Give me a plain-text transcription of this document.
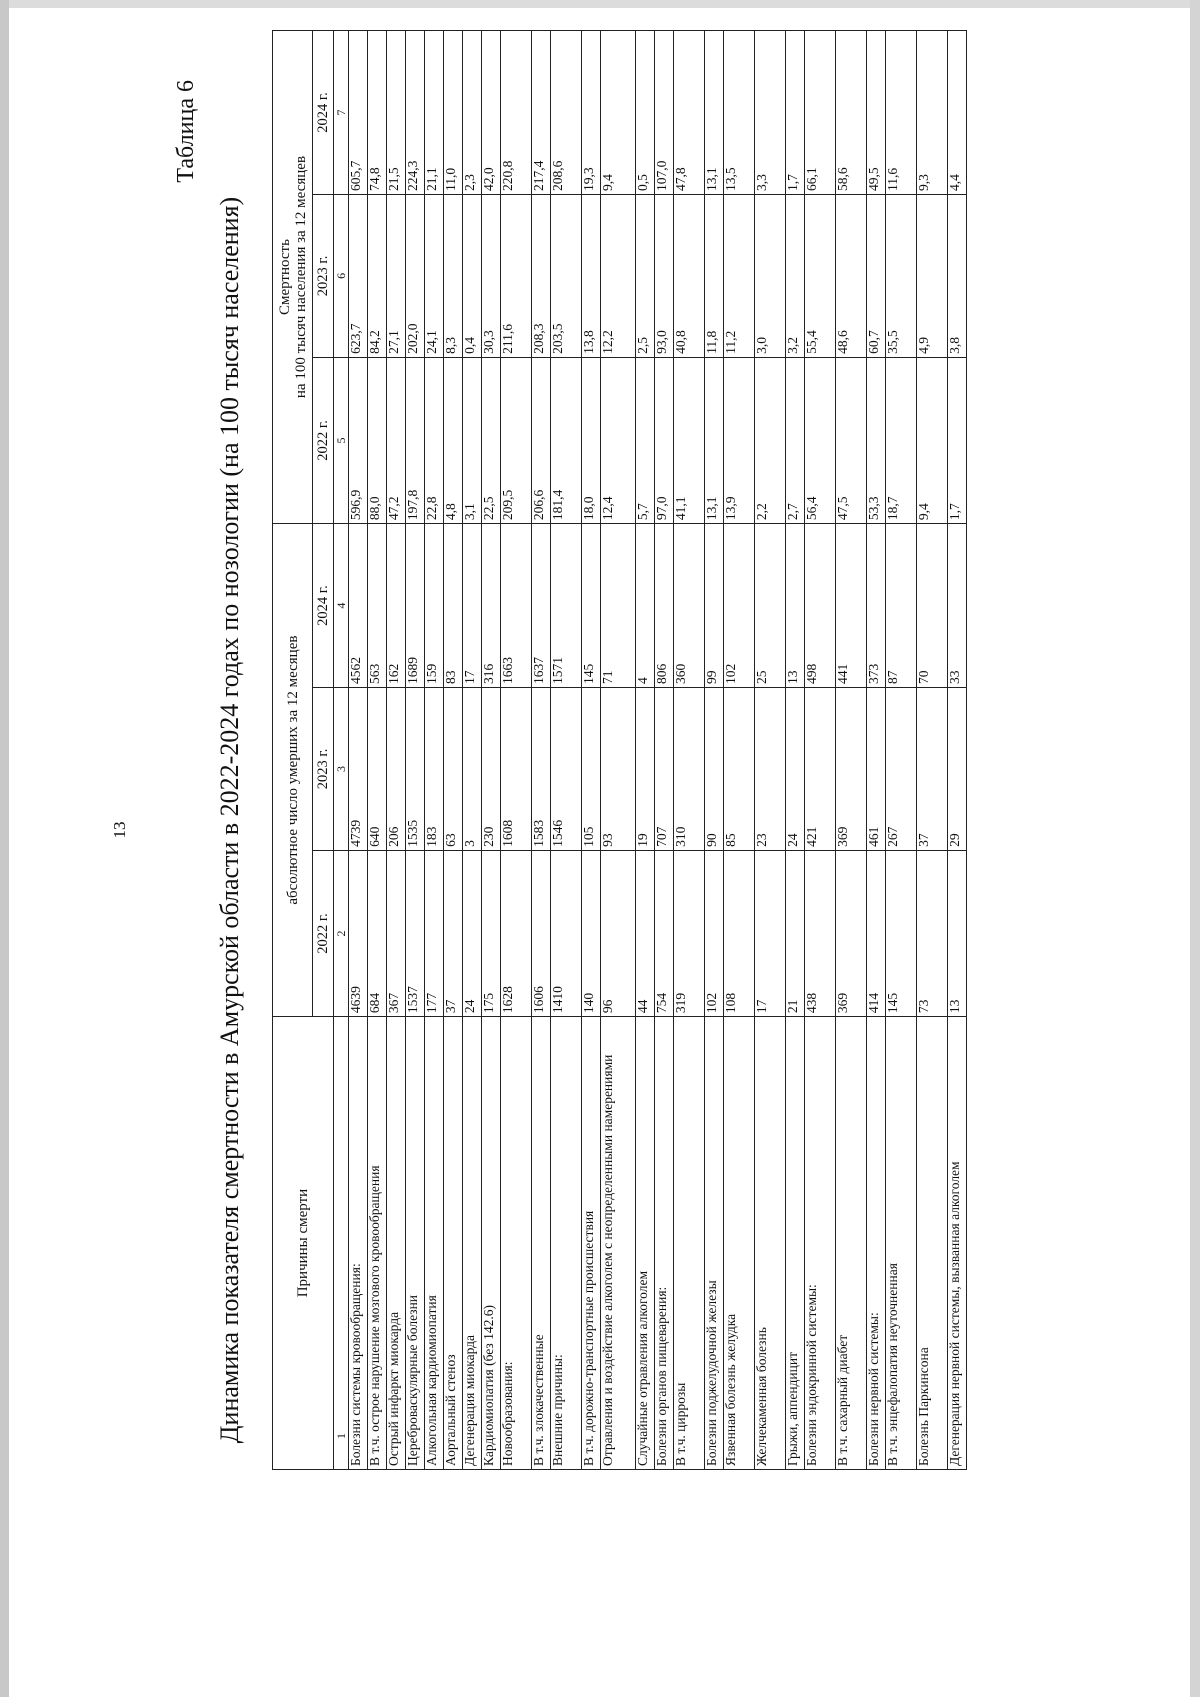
13
Таблица 6
Динамика показателя смертности в Амурской области в 2022-2024 годах по нозологии (на 100 тысяч населения)	Причины смерти	абсолютное число умерших за 12 месяцев			Смертность на 100 тысяч населения за 12 месяцев		

	2022 г.	2023 г.	2024 г.	2022 г.	2023 г.	2024 г.
1	2	3	4	5	6	7
Болезни системы кровообращения:	4639	4739	4562	596,9	623,7	605,7
В т.ч. острое нарушение мозгового кровообращения	684	640	563	88,0	84,2	74,8
Острый инфаркт миокарда	367	206	162	47,2	27,1	21,5
Цереброваскулярные болезни	1537	1535	1689	197,8	202,0	224,3
Алкогольная кардиомиопатия	177	183	159	22,8	24,1	21,1
Аортальный стеноз	37	63	83	4,8	8,3	11,0
Дегенерация миокарда	24	3	17	3,1	0,4	2,3
Кардиомиопатия (без 142.6)	175	230	316	22,5	30,3	42,0
Новообразования:	1628	1608	1663	209,5	211,6	220,8
В т.ч. злокачественные	1606	1583	1637	206,6	208,3	217,4
Внешние причины:	1410	1546	1571	181,4	203,5	208,6
В т.ч. дорожно-транспортные происшествия	140	105	145	18,0	13,8	19,3
Отравления и воздействие алкоголем с неопределенными намерениями	96	93	71	12,4	12,2	9,4
Случайные отравления алкоголем	44	19	4	5,7	2,5	0,5
Болезни органов пищеварения:	754	707	806	97,0	93,0	107,0
В т.ч. циррозы	319	310	360	41,1	40,8	47,8
Болезни поджелудочной железы	102	90	99	13,1	11,8	13,1
Язвенная болезнь желудка	108	85	102	13,9	11,2	13,5
Желчекаменная болезнь	17	23	25	2,2	3,0	3,3
Грыжи, аппендицит	21	24	13	2,7	3,2	1,7
Болезни эндокринной системы:	438	421	498	56,4	55,4	66,1
В т.ч. сахарный диабет	369	369	441	47,5	48,6	58,6
Болезни нервной системы:	414	461	373	53,3	60,7	49,5
В т.ч. энцефалопатия неуточненная	145	267	87	18,7	35,5	11,6
Болезнь Паркинсона	73	37	70	9,4	4,9	9,3
Дегенерация нервной системы, вызванная алкоголем	13	29	33	1,7	3,8	4,4
